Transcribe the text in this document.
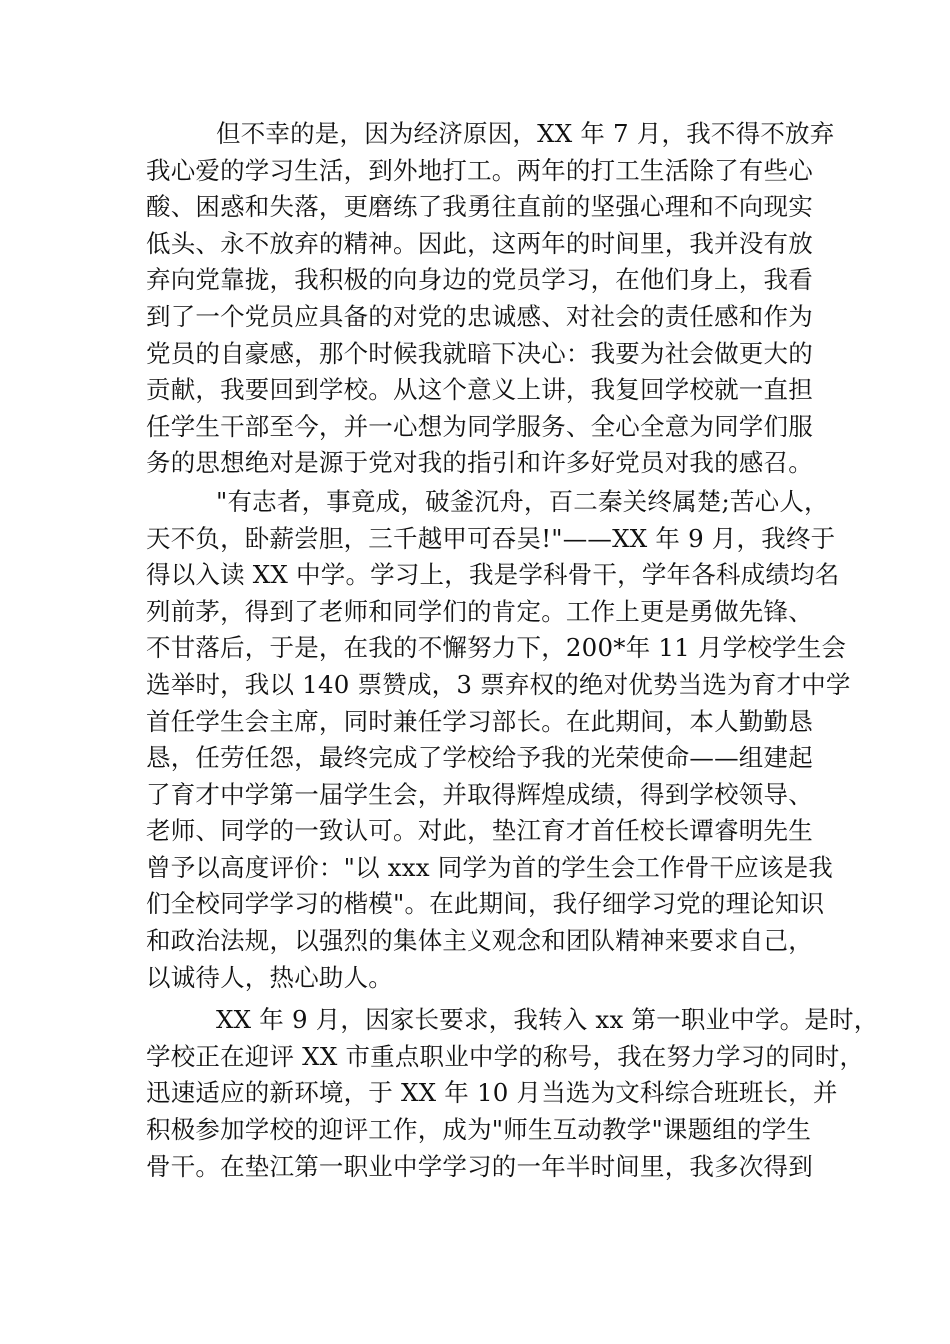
但不幸的是，因为经济原因，XX 年 7 月，我不得不放弃
我心爱的学习生活，到外地打工。两年的打工生活除了有些心
酸、困惑和失落，更磨练了我勇往直前的坚强心理和不向现实
低头、永不放弃的精神。因此，这两年的时间里，我并没有放
弃向党靠拢，我积极的向身边的党员学习，在他们身上，我看
到了一个党员应具备的对党的忠诚感、对社会的责任感和作为
党员的自豪感，那个时候我就暗下决心：我要为社会做更大的
贡献，我要回到学校。从这个意义上讲，我复回学校就一直担
任学生干部至今，并一心想为同学服务、全心全意为同学们服
务的思想绝对是源于党对我的指引和许多好党员对我的感召。
"有志者，事竟成，破釜沉舟，百二秦关终属楚;苦心人，
天不负，卧薪尝胆，三千越甲可吞吴!"——XX 年 9 月，我终于
得以入读 XX 中学。学习上，我是学科骨干，学年各科成绩均名
列前茅，得到了老师和同学们的肯定。工作上更是勇做先锋、
不甘落后，于是，在我的不懈努力下，200*年 11 月学校学生会
选举时，我以 140 票赞成，3 票弃权的绝对优势当选为育才中学
首任学生会主席，同时兼任学习部长。在此期间，本人勤勤恳
恳，任劳任怨，最终完成了学校给予我的光荣使命——组建起
了育才中学第一届学生会，并取得辉煌成绩，得到学校领导、
老师、同学的一致认可。对此，垫江育才首任校长谭睿明先生
曾予以高度评价："以 xxx 同学为首的学生会工作骨干应该是我
们全校同学学习的楷模"。在此期间，我仔细学习党的理论知识
和政治法规，以强烈的集体主义观念和团队精神来要求自己，
以诚待人，热心助人。
XX 年 9 月，因家长要求，我转入 xx 第一职业中学。是时，
学校正在迎评 XX 市重点职业中学的称号，我在努力学习的同时，
迅速适应的新环境，于 XX 年 10 月当选为文科综合班班长，并
积极参加学校的迎评工作，成为"师生互动教学"课题组的学生
骨干。在垫江第一职业中学学习的一年半时间里，我多次得到
